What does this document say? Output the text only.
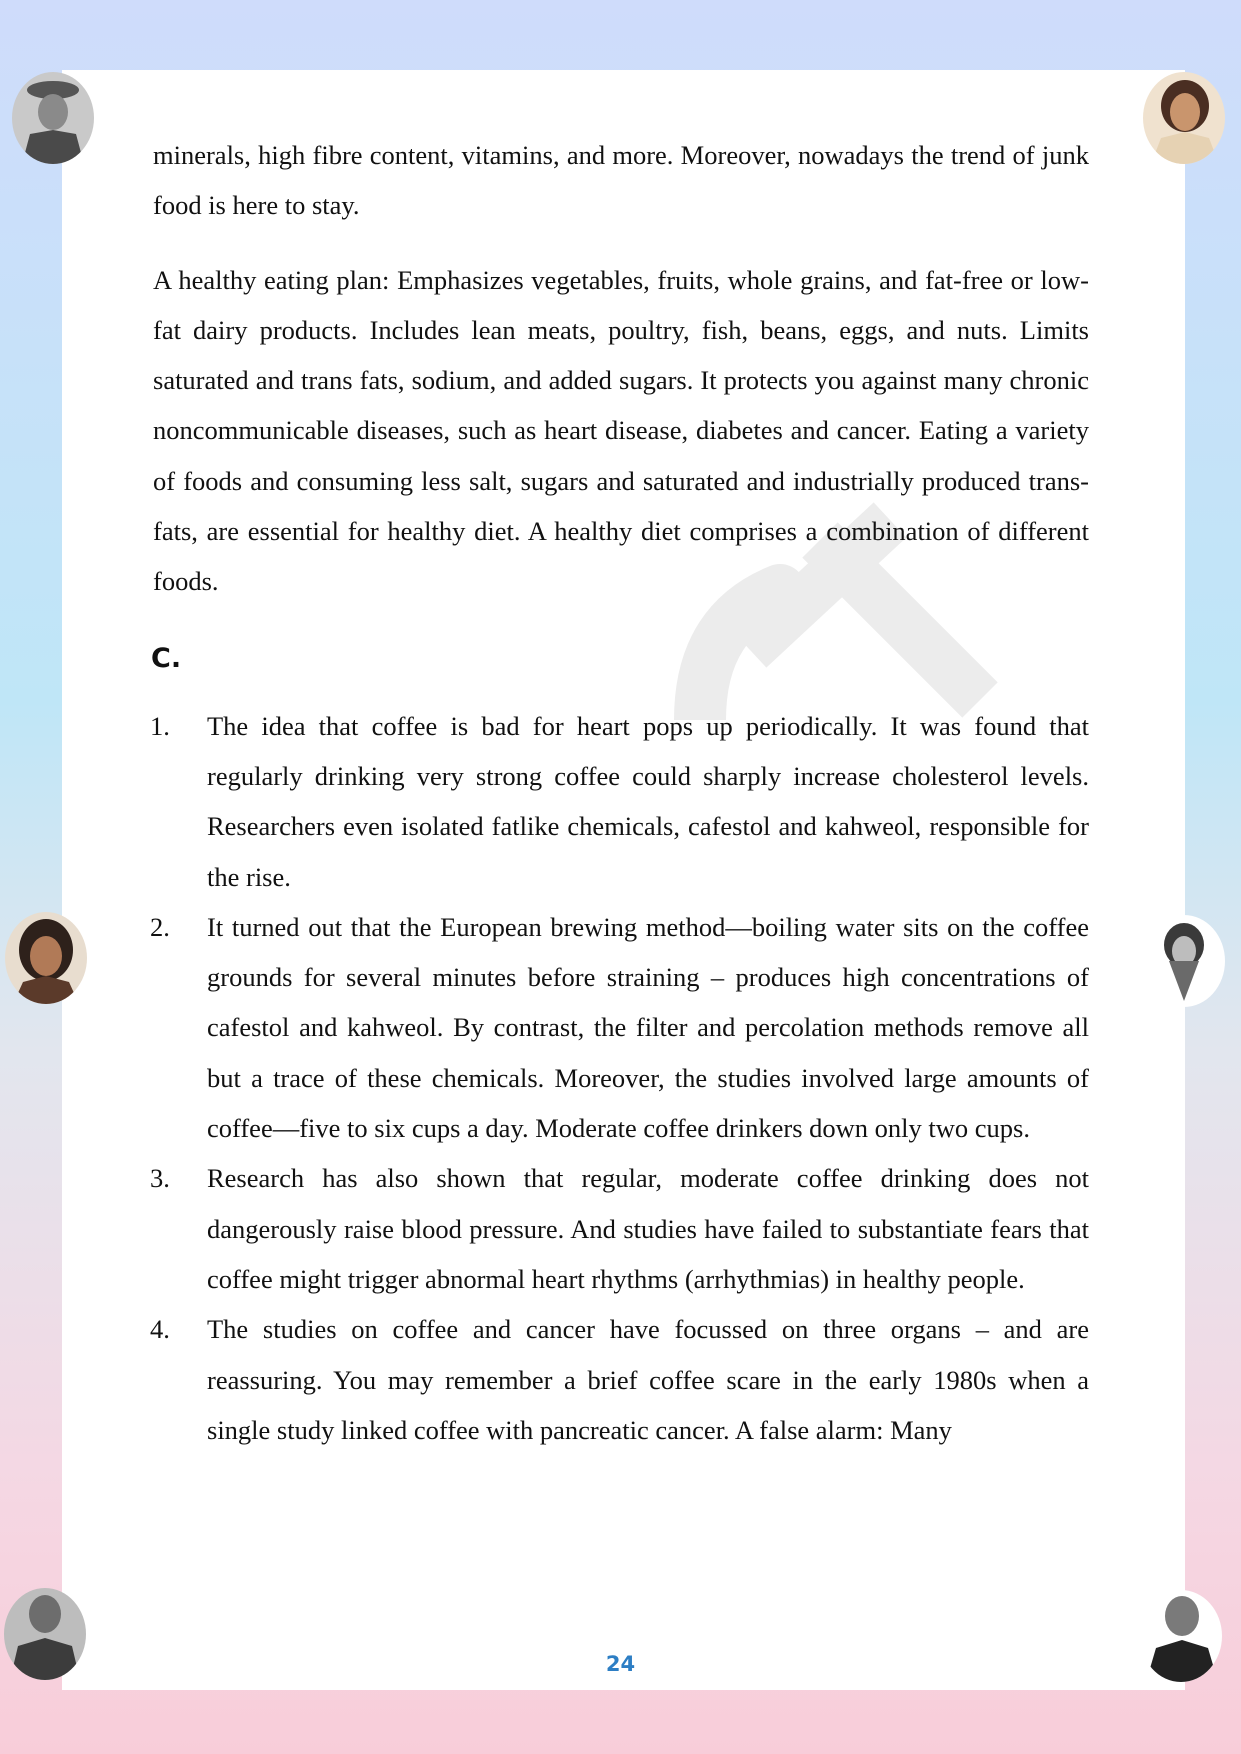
minerals, high fibre content, vitamins, and more. Moreover, nowadays the trend of junk food is here to stay.

A healthy eating plan: Emphasizes vegetables, fruits, whole grains, and fat-free or low-fat dairy products. Includes lean meats, poultry, fish, beans, eggs, and nuts. Limits saturated and trans fats, sodium, and added sugars. It protects you against many chronic noncommunicable diseases, such as heart disease, diabetes and cancer. Eating a variety of foods and consuming less salt, sugars and saturated and industrially produced trans-fats, are essential for healthy diet. A healthy diet comprises a combination of different foods.

C.
1. The idea that coffee is bad for heart pops up periodically. It was found that regularly drinking very strong coffee could sharply increase cholesterol levels. Researchers even isolated fatlike chemicals, cafestol and kahweol, responsible for the rise.
2. It turned out that the European brewing method—boiling water sits on the coffee grounds for several minutes before straining – produces high concentrations of cafestol and kahweol. By contrast, the filter and percolation methods remove all but a trace of these chemicals. Moreover, the studies involved large amounts of coffee—five to six cups a day. Moderate coffee drinkers down only two cups.
3. Research has also shown that regular, moderate coffee drinking does not dangerously raise blood pressure. And studies have failed to substantiate fears that coffee might trigger abnormal heart rhythms (arrhythmias) in healthy people.
4. The studies on coffee and cancer have focussed on three organs – and are reassuring. You may remember a brief coffee scare in the early 1980s when a single study linked coffee with pancreatic cancer. A false alarm: Many
24
